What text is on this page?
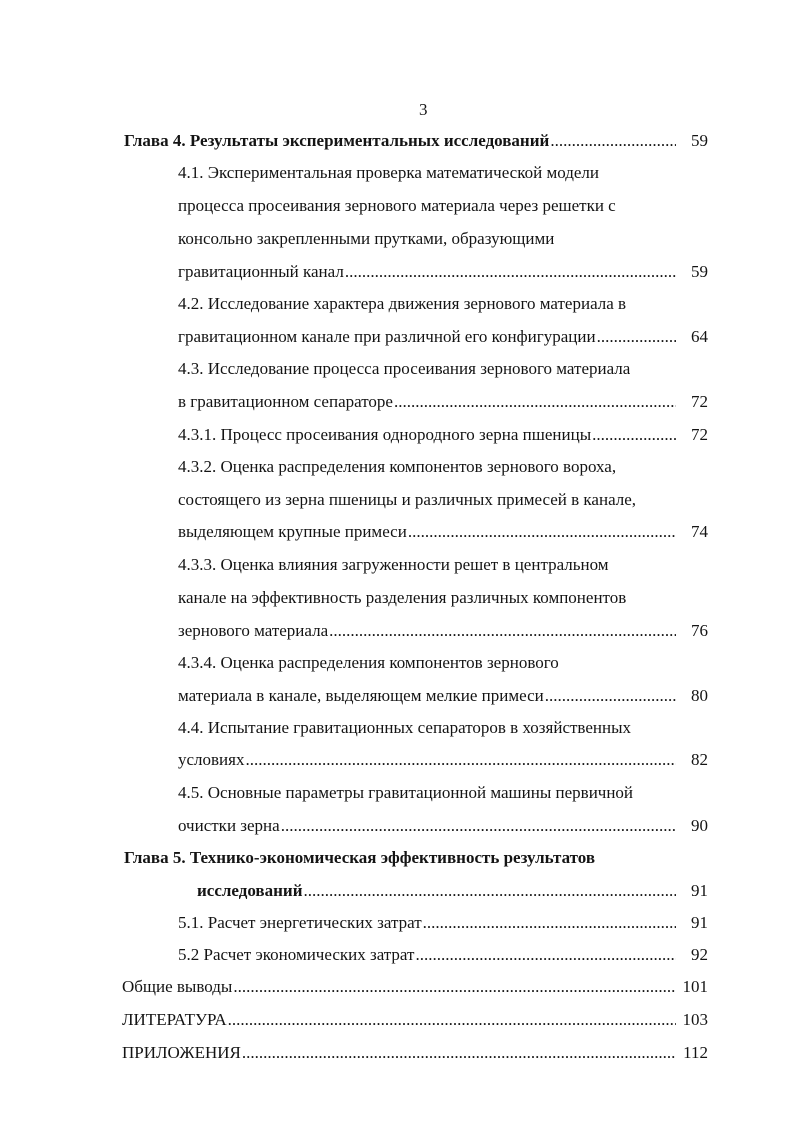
3
Глава 4. Результаты экспериментальных исследований .....	59
4.1. Экспериментальная проверка математической модели
процесса просеивания зернового материала через решетки с
консольно закрепленными прутками, образующими
гравитационный канал .....	59
4.2. Исследование характера движения зернового материала в
гравитационном канале при различной его конфигурации .....	64
4.3. Исследование процесса просеивания зернового материала
в гравитационном сепараторе .....	72
4.3.1. Процесс просеивания однородного зерна пшеницы .....	72
4.3.2. Оценка распределения компонентов зернового вороха,
состоящего из зерна пшеницы и различных примесей в канале,
выделяющем крупные примеси .....	74
4.3.3. Оценка влияния загруженности решет в центральном
канале на эффективность разделения различных компонентов
зернового материала .....	76
4.3.4. Оценка распределения компонентов зернового
материала в канале, выделяющем мелкие примеси .....	80
4.4. Испытание гравитационных сепараторов в хозяйственных
условиях .....	82
4.5. Основные параметры гравитационной машины первичной
очистки зерна .....	90
Глава 5. Технико-экономическая эффективность результатов
исследований .....	91
5.1. Расчет энергетических затрат .....	91
5.2 Расчет экономических затрат .....	92
Общие выводы .....	101
ЛИТЕРАТУРА .....	103
ПРИЛОЖЕНИЯ .....	112
